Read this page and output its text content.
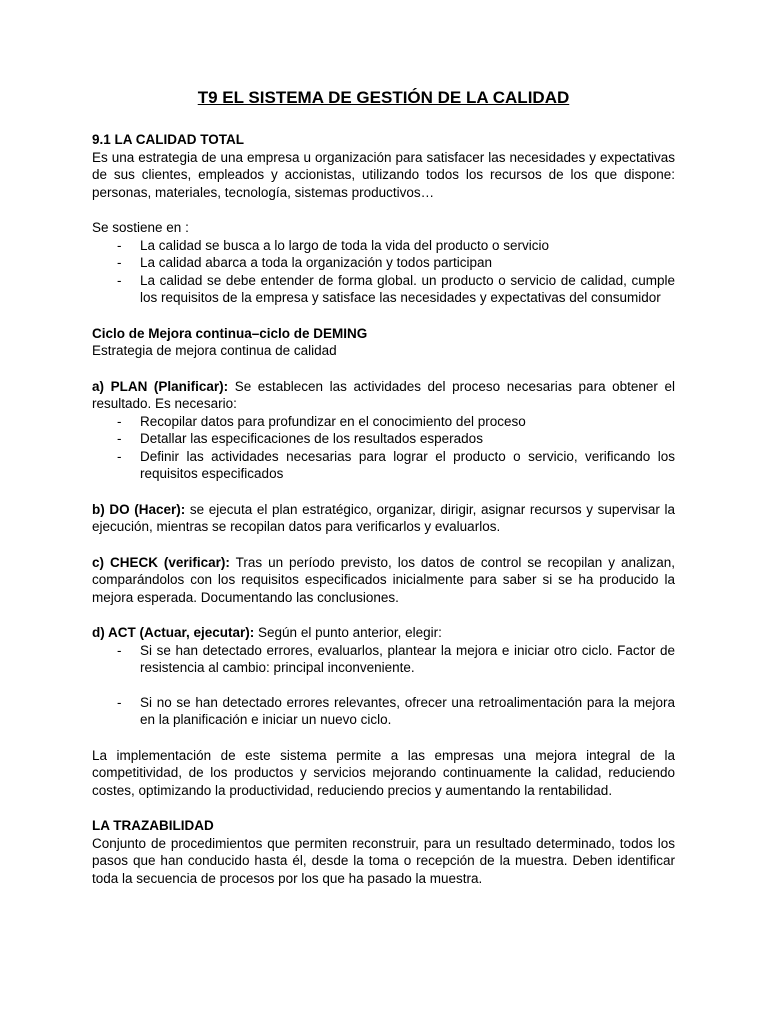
T9 EL SISTEMA DE GESTIÓN DE LA CALIDAD

9.1 LA CALIDAD TOTAL

Es una estrategia de una empresa u organización para satisfacer las necesidades y expectativas de sus clientes, empleados y accionistas, utilizando todos los recursos de los que dispone: personas, materiales, tecnología, sistemas productivos…

Se sostiene en :

- La calidad se busca a lo largo de toda la vida del producto o servicio
- La calidad abarca a toda la organización y todos participan
- La calidad se debe entender de forma global. un producto o servicio de calidad, cumple los requisitos de la empresa y satisface las necesidades y expectativas del consumidor

Ciclo de Mejora continua–ciclo de DEMING

Estrategia de mejora continua de calidad

a) PLAN (Planificar): Se establecen las actividades del proceso necesarias para obtener el resultado. Es necesario:

- Recopilar datos para profundizar en el conocimiento del proceso
- Detallar las especificaciones de los resultados esperados
- Definir las actividades necesarias para lograr el producto o servicio, verificando los requisitos especificados

b) DO (Hacer): se ejecuta el plan estratégico, organizar, dirigir, asignar recursos y supervisar la ejecución, mientras se recopilan datos para verificarlos y evaluarlos.

c) CHECK (verificar): Tras un período previsto, los datos de control se recopilan y analizan, comparándolos con los requisitos especificados inicialmente para saber si se ha producido la mejora esperada. Documentando las conclusiones.

d) ACT (Actuar, ejecutar): Según el punto anterior, elegir:

- Si se han detectado errores, evaluarlos, plantear la mejora e iniciar otro ciclo. Factor de resistencia al cambio: principal inconveniente.
- Si no se han detectado errores relevantes, ofrecer una retroalimentación para la mejora en la planificación e iniciar un nuevo ciclo.

La implementación de este sistema permite a las empresas una mejora integral de la competitividad, de los productos y servicios mejorando continuamente la calidad, reduciendo costes, optimizando la productividad, reduciendo precios y aumentando la rentabilidad.

LA TRAZABILIDAD

Conjunto de procedimientos que permiten reconstruir, para un resultado determinado, todos los pasos que han conducido hasta él, desde la toma o recepción de la muestra. Deben identificar toda la secuencia de procesos por los que ha pasado la muestra.
